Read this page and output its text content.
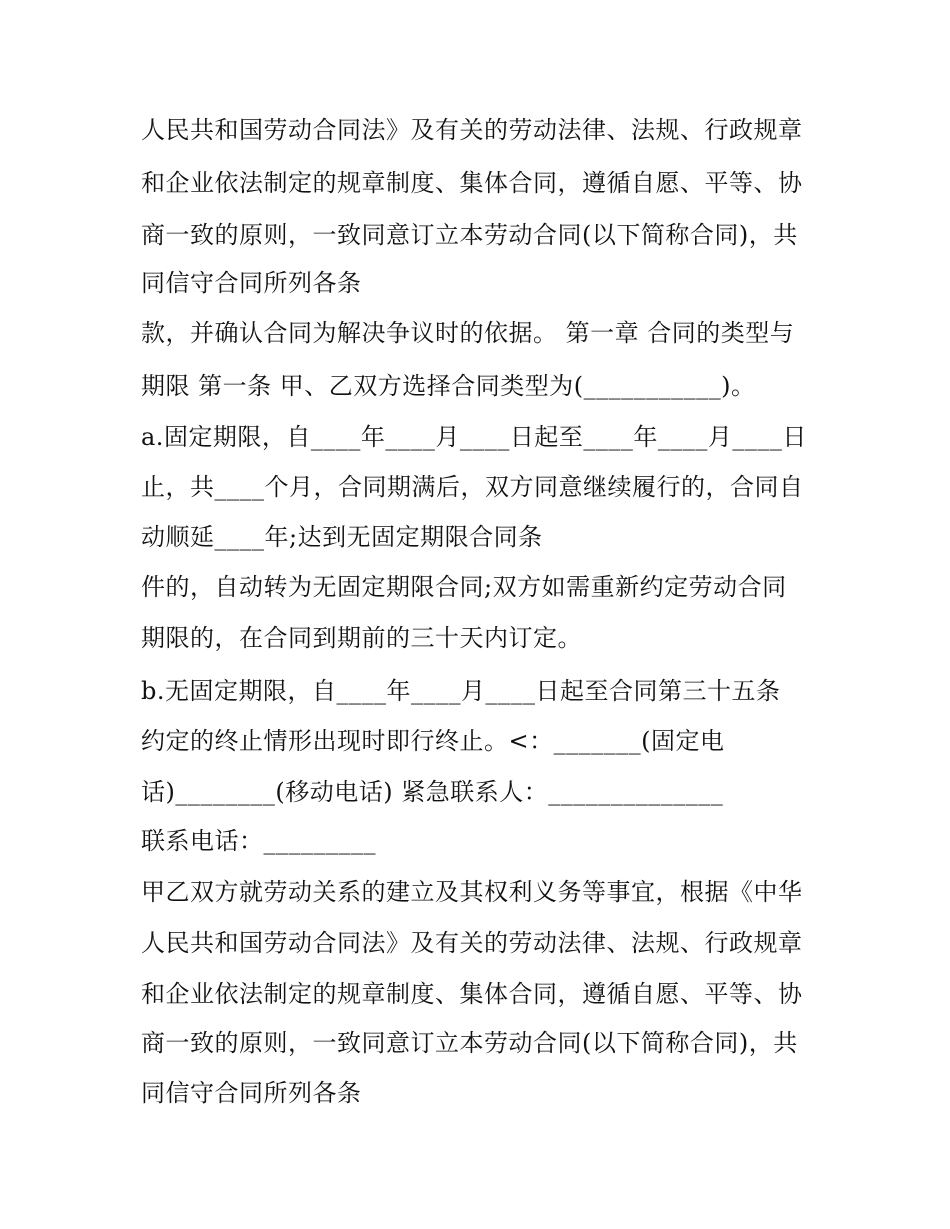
人民共和国劳动合同法》及有关的劳动法律、法规、行政规章
和企业依法制定的规章制度、集体合同，遵循自愿、平等、协
商一致的原则，一致同意订立本劳动合同(以下简称合同)，共
同信守合同所列各条
款，并确认合同为解决争议时的依据。 第一章 合同的类型与
期限 第一条 甲、乙双方选择合同类型为(___________)。
a.固定期限，自____年____月____日起至____年____月____日
止，共____个月，合同期满后，双方同意继续履行的，合同自
动顺延____年;达到无固定期限合同条
件的，自动转为无固定期限合同;双方如需重新约定劳动合同
期限的，在合同到期前的三十天内订定。
b.无固定期限，自____年____月____日起至合同第三十五条
约定的终止情形出现时即行终止。<：_______(固定电
话)________(移动电话) 紧急联系人：______________
联系电话：_________
甲乙双方就劳动关系的建立及其权利义务等事宜，根据《中华
人民共和国劳动合同法》及有关的劳动法律、法规、行政规章
和企业依法制定的规章制度、集体合同，遵循自愿、平等、协
商一致的原则，一致同意订立本劳动合同(以下简称合同)，共
同信守合同所列各条
